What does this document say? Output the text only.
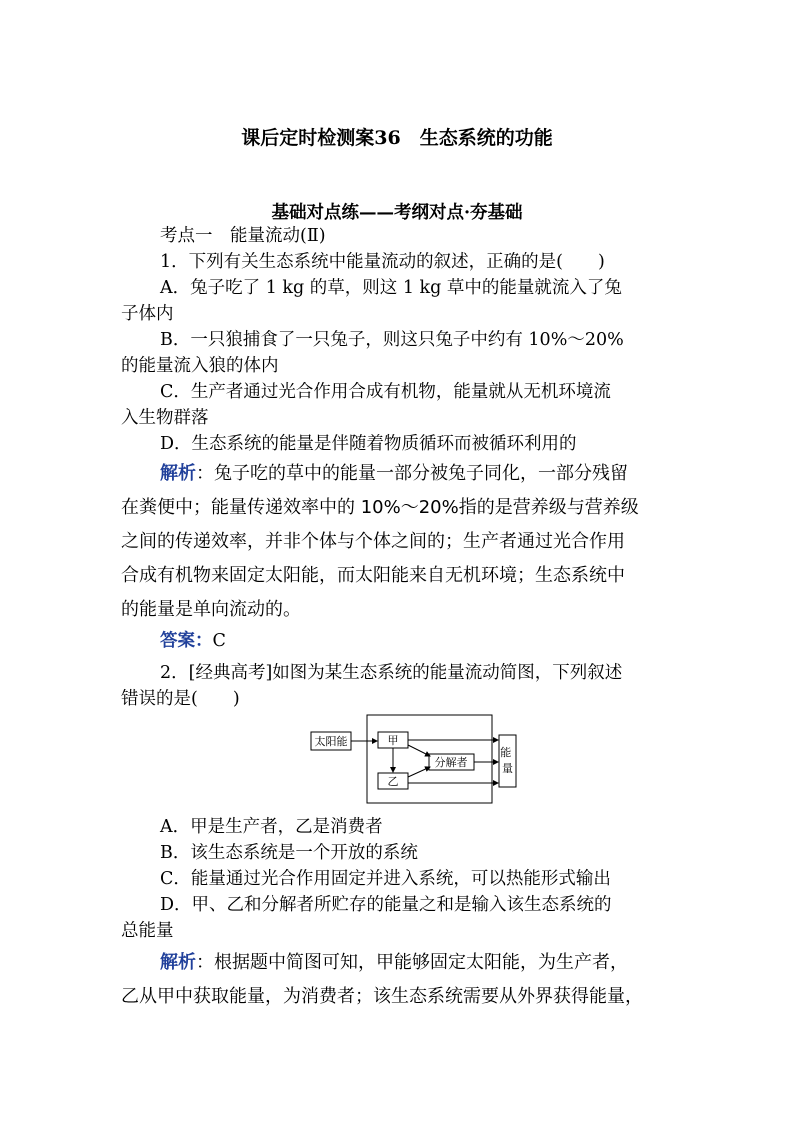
课后定时检测案36　生态系统的功能
基础对点练——考纲对点·夯基础
考点一　能量流动(Ⅱ)
1．下列有关生态系统中能量流动的叙述，正确的是(　　)
A．兔子吃了 1 kg 的草，则这 1 kg 草中的能量就流入了兔
子体内
B．一只狼捕食了一只兔子，则这只兔子中约有 10%～20%
的能量流入狼的体内
C．生产者通过光合作用合成有机物，能量就从无机环境流
入生物群落
D．生态系统的能量是伴随着物质循环而被循环利用的
解析：兔子吃的草中的能量一部分被兔子同化，一部分残留
在粪便中；能量传递效率中的 10%～20%指的是营养级与营养级
之间的传递效率，并非个体与个体之间的；生产者通过光合作用
合成有机物来固定太阳能，而太阳能来自无机环境；生态系统中
的能量是单向流动的。
答案：C
2．[经典高考]如图为某生态系统的能量流动简图，下列叙述
错误的是(　　)
太阳能	甲
乙
分解者
能 量
A．甲是生产者，乙是消费者
B．该生态系统是一个开放的系统
C．能量通过光合作用固定并进入系统，可以热能形式输出
D．甲、乙和分解者所贮存的能量之和是输入该生态系统的
总能量
解析：根据题中简图可知，甲能够固定太阳能，为生产者，
乙从甲中获取能量，为消费者；该生态系统需要从外界获得能量，
